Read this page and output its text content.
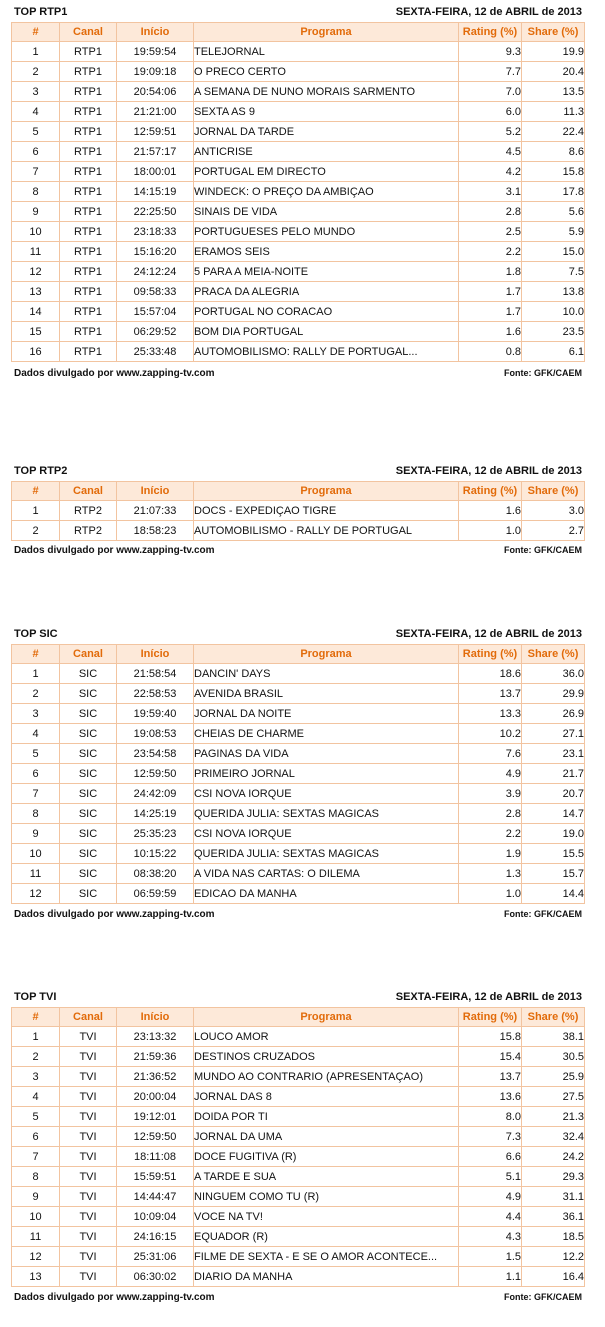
TOP RTP1	SEXTA-FEIRA, 12 de ABRIL de 2013
#	Canal	Início	Programa	Rating (%)	Share (%)
1	RTP1	19:59:54	TELEJORNAL	9.3	19.9
2	RTP1	19:09:18	O PRECO CERTO	7.7	20.4
3	RTP1	20:54:06	A SEMANA DE NUNO MORAIS SARMENTO	7.0	13.5
4	RTP1	21:21:00	SEXTA AS 9	6.0	11.3
5	RTP1	12:59:51	JORNAL DA TARDE	5.2	22.4
6	RTP1	21:57:17	ANTICRISE	4.5	8.6
7	RTP1	18:00:01	PORTUGAL EM DIRECTO	4.2	15.8
8	RTP1	14:15:19	WINDECK: O PREÇO DA AMBIÇAO	3.1	17.8
9	RTP1	22:25:50	SINAIS DE VIDA	2.8	5.6
10	RTP1	23:18:33	PORTUGUESES PELO MUNDO	2.5	5.9
11	RTP1	15:16:20	ERAMOS SEIS	2.2	15.0
12	RTP1	24:12:24	5 PARA A MEIA-NOITE	1.8	7.5
13	RTP1	09:58:33	PRACA DA ALEGRIA	1.7	13.8
14	RTP1	15:57:04	PORTUGAL NO CORACAO	1.7	10.0
15	RTP1	06:29:52	BOM DIA PORTUGAL	1.6	23.5
16	RTP1	25:33:48	AUTOMOBILISMO: RALLY DE PORTUGAL...	0.8	6.1
Dados divulgado por www.zapping-tv.com	Fonte: GFK/CAEM
TOP RTP2	SEXTA-FEIRA, 12 de ABRIL de 2013
#	Canal	Início	Programa	Rating (%)	Share (%)
1	RTP2	21:07:33	DOCS - EXPEDIÇAO TIGRE	1.6	3.0
2	RTP2	18:58:23	AUTOMOBILISMO - RALLY DE PORTUGAL	1.0	2.7
Dados divulgado por www.zapping-tv.com	Fonte: GFK/CAEM
TOP SIC	SEXTA-FEIRA, 12 de ABRIL de 2013
#	Canal	Início	Programa	Rating (%)	Share (%)
1	SIC	21:58:54	DANCIN' DAYS	18.6	36.0
2	SIC	22:58:53	AVENIDA BRASIL	13.7	29.9
3	SIC	19:59:40	JORNAL DA NOITE	13.3	26.9
4	SIC	19:08:53	CHEIAS DE CHARME	10.2	27.1
5	SIC	23:54:58	PAGINAS DA VIDA	7.6	23.1
6	SIC	12:59:50	PRIMEIRO JORNAL	4.9	21.7
7	SIC	24:42:09	CSI NOVA IORQUE	3.9	20.7
8	SIC	14:25:19	QUERIDA JULIA: SEXTAS MAGICAS	2.8	14.7
9	SIC	25:35:23	CSI NOVA IORQUE	2.2	19.0
10	SIC	10:15:22	QUERIDA JULIA: SEXTAS MAGICAS	1.9	15.5
11	SIC	08:38:20	A VIDA NAS CARTAS: O DILEMA	1.3	15.7
12	SIC	06:59:59	EDICAO DA MANHA	1.0	14.4
Dados divulgado por www.zapping-tv.com	Fonte: GFK/CAEM
TOP TVI	SEXTA-FEIRA, 12 de ABRIL de 2013
#	Canal	Início	Programa	Rating (%)	Share (%)
1	TVI	23:13:32	LOUCO AMOR	15.8	38.1
2	TVI	21:59:36	DESTINOS CRUZADOS	15.4	30.5
3	TVI	21:36:52	MUNDO AO CONTRARIO (APRESENTAÇAO)	13.7	25.9
4	TVI	20:00:04	JORNAL DAS 8	13.6	27.5
5	TVI	19:12:01	DOIDA POR TI	8.0	21.3
6	TVI	12:59:50	JORNAL DA UMA	7.3	32.4
7	TVI	18:11:08	DOCE FUGITIVA (R)	6.6	24.2
8	TVI	15:59:51	A TARDE E SUA	5.1	29.3
9	TVI	14:44:47	NINGUEM COMO TU (R)	4.9	31.1
10	TVI	10:09:04	VOCE NA TV!	4.4	36.1
11	TVI	24:16:15	EQUADOR (R)	4.3	18.5
12	TVI	25:31:06	FILME DE SEXTA - E SE O AMOR ACONTECE...	1.5	12.2
13	TVI	06:30:02	DIARIO DA MANHA	1.1	16.4
Dados divulgado por www.zapping-tv.com	Fonte: GFK/CAEM
